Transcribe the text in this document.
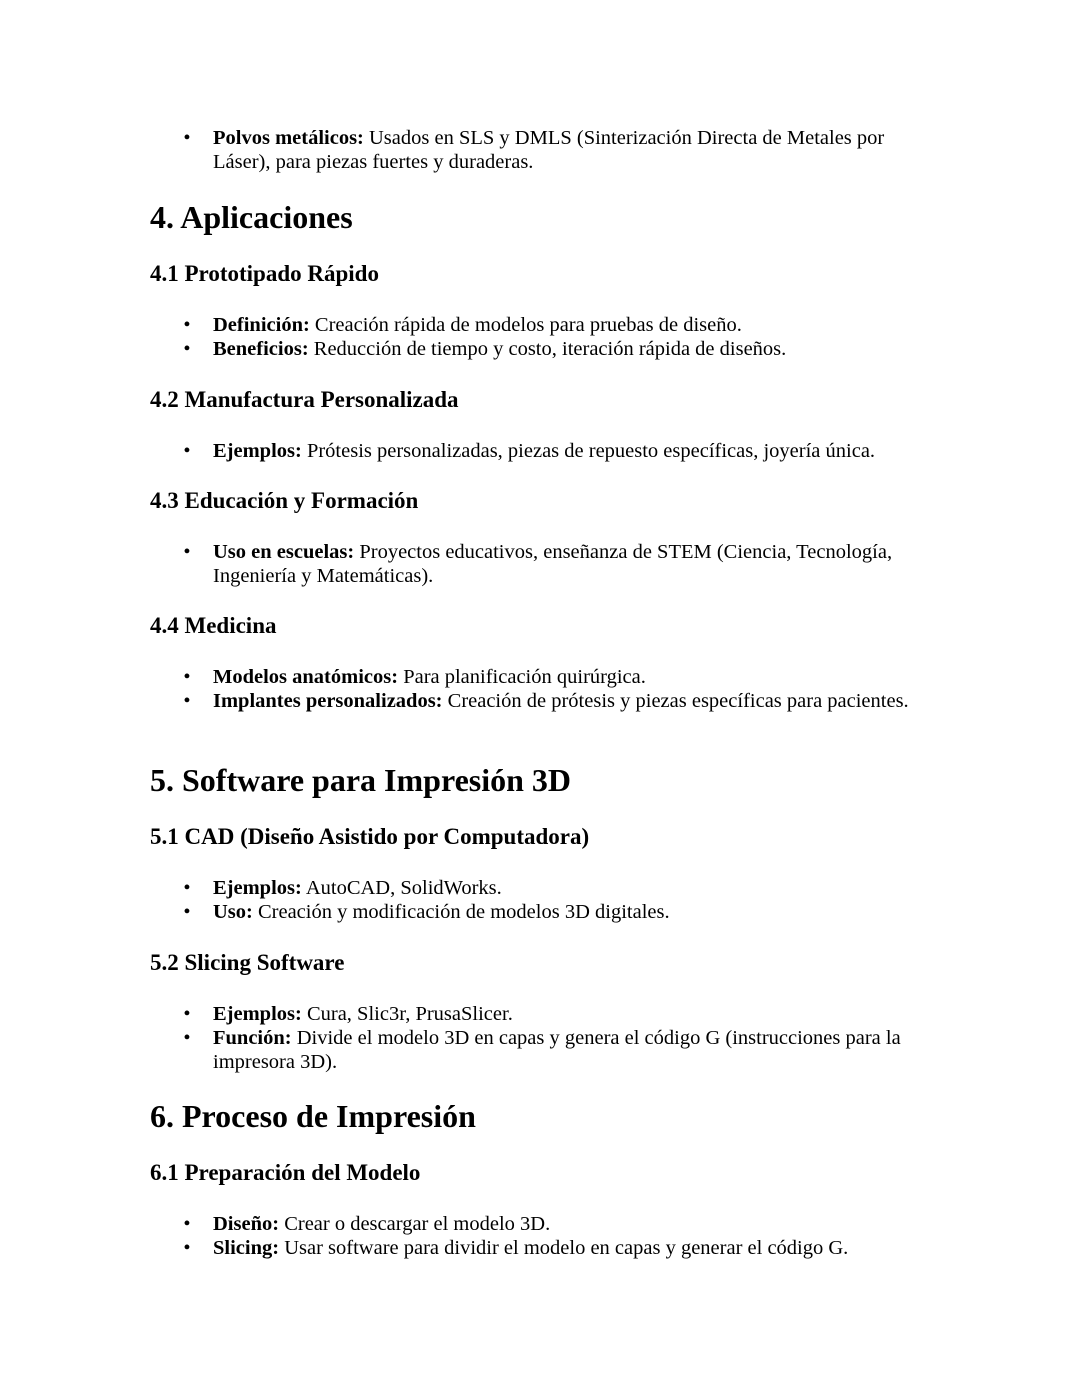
• Polvos metálicos: Usados en SLS y DMLS (Sinterización Directa de Metales por Láser), para piezas fuertes y duraderas.
4. Aplicaciones
4.1 Prototipado Rápido
• Definición: Creación rápida de modelos para pruebas de diseño.
• Beneficios: Reducción de tiempo y costo, iteración rápida de diseños.
4.2 Manufactura Personalizada
• Ejemplos: Prótesis personalizadas, piezas de repuesto específicas, joyería única.
4.3 Educación y Formación
• Uso en escuelas: Proyectos educativos, enseñanza de STEM (Ciencia, Tecnología, Ingeniería y Matemáticas).
4.4 Medicina
• Modelos anatómicos: Para planificación quirúrgica.
• Implantes personalizados: Creación de prótesis y piezas específicas para pacientes.
5. Software para Impresión 3D
5.1 CAD (Diseño Asistido por Computadora)
• Ejemplos: AutoCAD, SolidWorks.
• Uso: Creación y modificación de modelos 3D digitales.
5.2 Slicing Software
• Ejemplos: Cura, Slic3r, PrusaSlicer.
• Función: Divide el modelo 3D en capas y genera el código G (instrucciones para la impresora 3D).
6. Proceso de Impresión
6.1 Preparación del Modelo
• Diseño: Crear o descargar el modelo 3D.
• Slicing: Usar software para dividir el modelo en capas y generar el código G.
